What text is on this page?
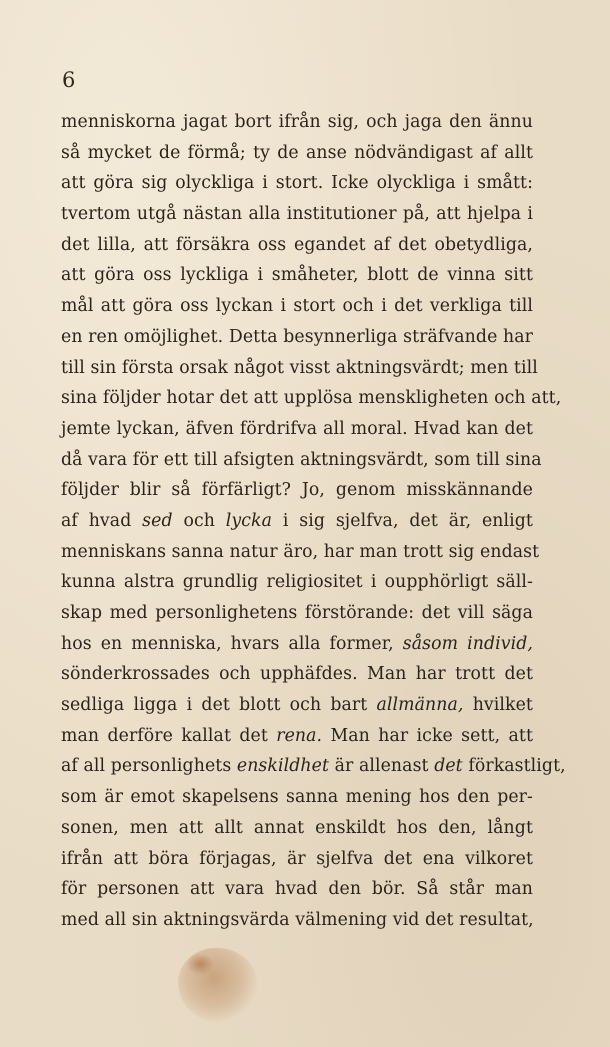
6
menniskorna jagat bort ifrån sig, och jaga den ännu
så mycket de förmå; ty de anse nödvändigast af allt
att göra sig olyckliga i stort. Icke olyckliga i smått:
tvertom utgå nästan alla institutioner på, att hjelpa i
det lilla, att försäkra oss egandet af det obetydliga,
att göra oss lyckliga i småheter, blott de vinna sitt
mål att göra oss lyckan i stort och i det verkliga till
en ren omöjlighet. Detta besynnerliga sträfvande har
till sin första orsak något visst aktningsvärdt; men till
sina följder hotar det att upplösa menskligheten och att,
jemte lyckan, äfven fördrifva all moral. Hvad kan det
då vara för ett till afsigten aktningsvärdt, som till sina
följder blir så förfärligt? Jo, genom misskännande
af hvad sed och lycka i sig sjelfva, det är, enligt
menniskans sanna natur äro, har man trott sig endast
kunna alstra grundlig religiositet i oupphörligt säll-
skap med personlighetens förstörande: det vill säga
hos en menniska, hvars alla former, såsom individ,
sönderkrossades och upphäfdes. Man har trott det
sedliga ligga i det blott och bart allmänna, hvilket
man derföre kallat det rena. Man har icke sett, att
af all personlighets enskildhet är allenast det förkastligt,
som är emot skapelsens sanna mening hos den per-
sonen, men att allt annat enskildt hos den, långt
ifrån att böra förjagas, är sjelfva det ena vilkoret
för personen att vara hvad den bör. Så står man
med all sin aktningsvärda välmening vid det resultat,
